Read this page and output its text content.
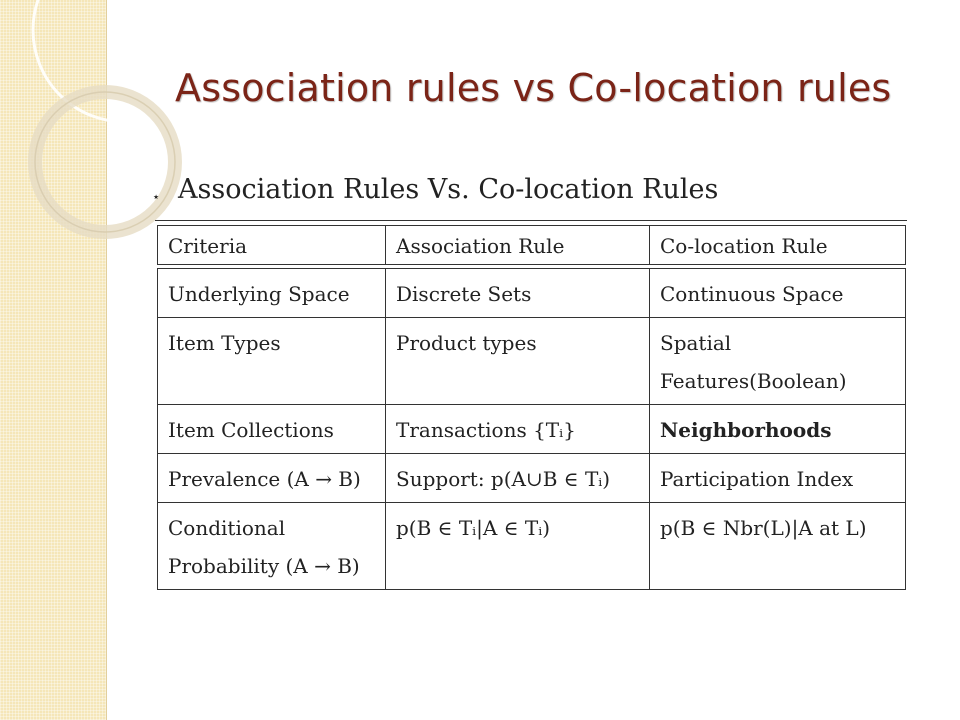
Association rules vs Co-location rules
⋆ Association Rules Vs. Co-location Rules
Criteria	Association Rule	Co-location Rule
Underlying Space	Discrete Sets	Continuous Space
Item Types	Product types	Spatial Features(Boolean)
Item Collections	Transactions {Tᵢ}	Neighborhoods
Prevalence (A → B)	Support: p(A∪B ∈ Tᵢ)	Participation Index
Conditional Probability (A → B)	p(B ∈ Tᵢ|A ∈ Tᵢ)	p(B ∈ Nbr(L)|A at L)
